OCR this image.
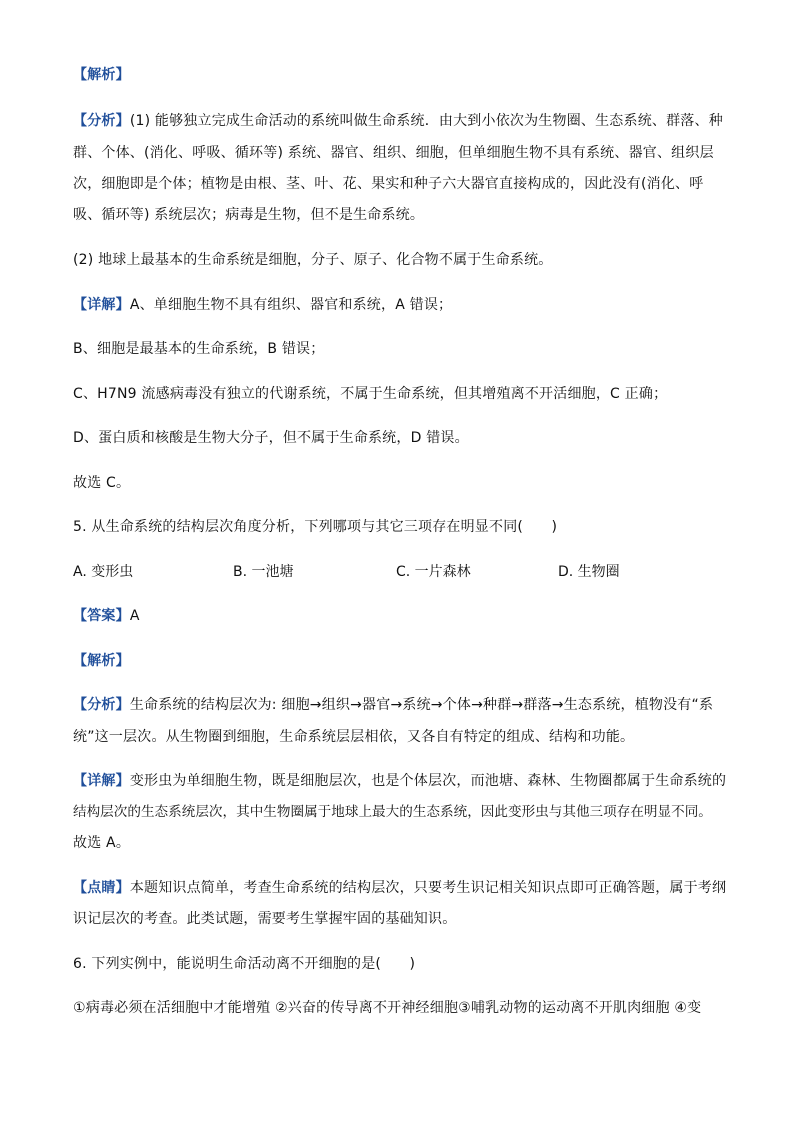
【解析】
【分析】(1) 能够独立完成生命活动的系统叫做生命系统．由大到小依次为生物圈、生态系统、群落、种
群、个体、(消化、呼吸、循环等) 系统、器官、组织、细胞，但单细胞生物不具有系统、器官、组织层
次，细胞即是个体；植物是由根、茎、叶、花、果实和种子六大器官直接构成的，因此没有(消化、呼
吸、循环等) 系统层次；病毒是生物，但不是生命系统。
(2) 地球上最基本的生命系统是细胞，分子、原子、化合物不属于生命系统。
【详解】A、单细胞生物不具有组织、器官和系统，A 错误；
B、细胞是最基本的生命系统，B 错误；
C、H7N9 流感病毒没有独立的代谢系统，不属于生命系统，但其增殖离不开活细胞，C 正确；
D、蛋白质和核酸是生物大分子，但不属于生命系统，D 错误。
故选 C。
5. 从生命系统的结构层次角度分析，下列哪项与其它三项存在明显不同(　　)
A. 变形虫	B. 一池塘	C. 一片森林	D. 生物圈
【答案】A
【解析】
【分析】生命系统的结构层次为: 细胞→组织→器官→系统→个体→种群→群落→生态系统，植物没有“系
统”这一层次。从生物圈到细胞，生命系统层层相依，又各自有特定的组成、结构和功能。
【详解】变形虫为单细胞生物，既是细胞层次，也是个体层次，而池塘、森林、生物圈都属于生命系统的
结构层次的生态系统层次，其中生物圈属于地球上最大的生态系统，因此变形虫与其他三项存在明显不同。
故选 A。
【点睛】本题知识点简单，考查生命系统的结构层次，只要考生识记相关知识点即可正确答题，属于考纲
识记层次的考查。此类试题，需要考生掌握牢固的基础知识。
6. 下列实例中，能说明生命活动离不开细胞的是(　　)
①病毒必须在活细胞中才能增殖 ②兴奋的传导离不开神经细胞③哺乳动物的运动离不开肌肉细胞 ④变
